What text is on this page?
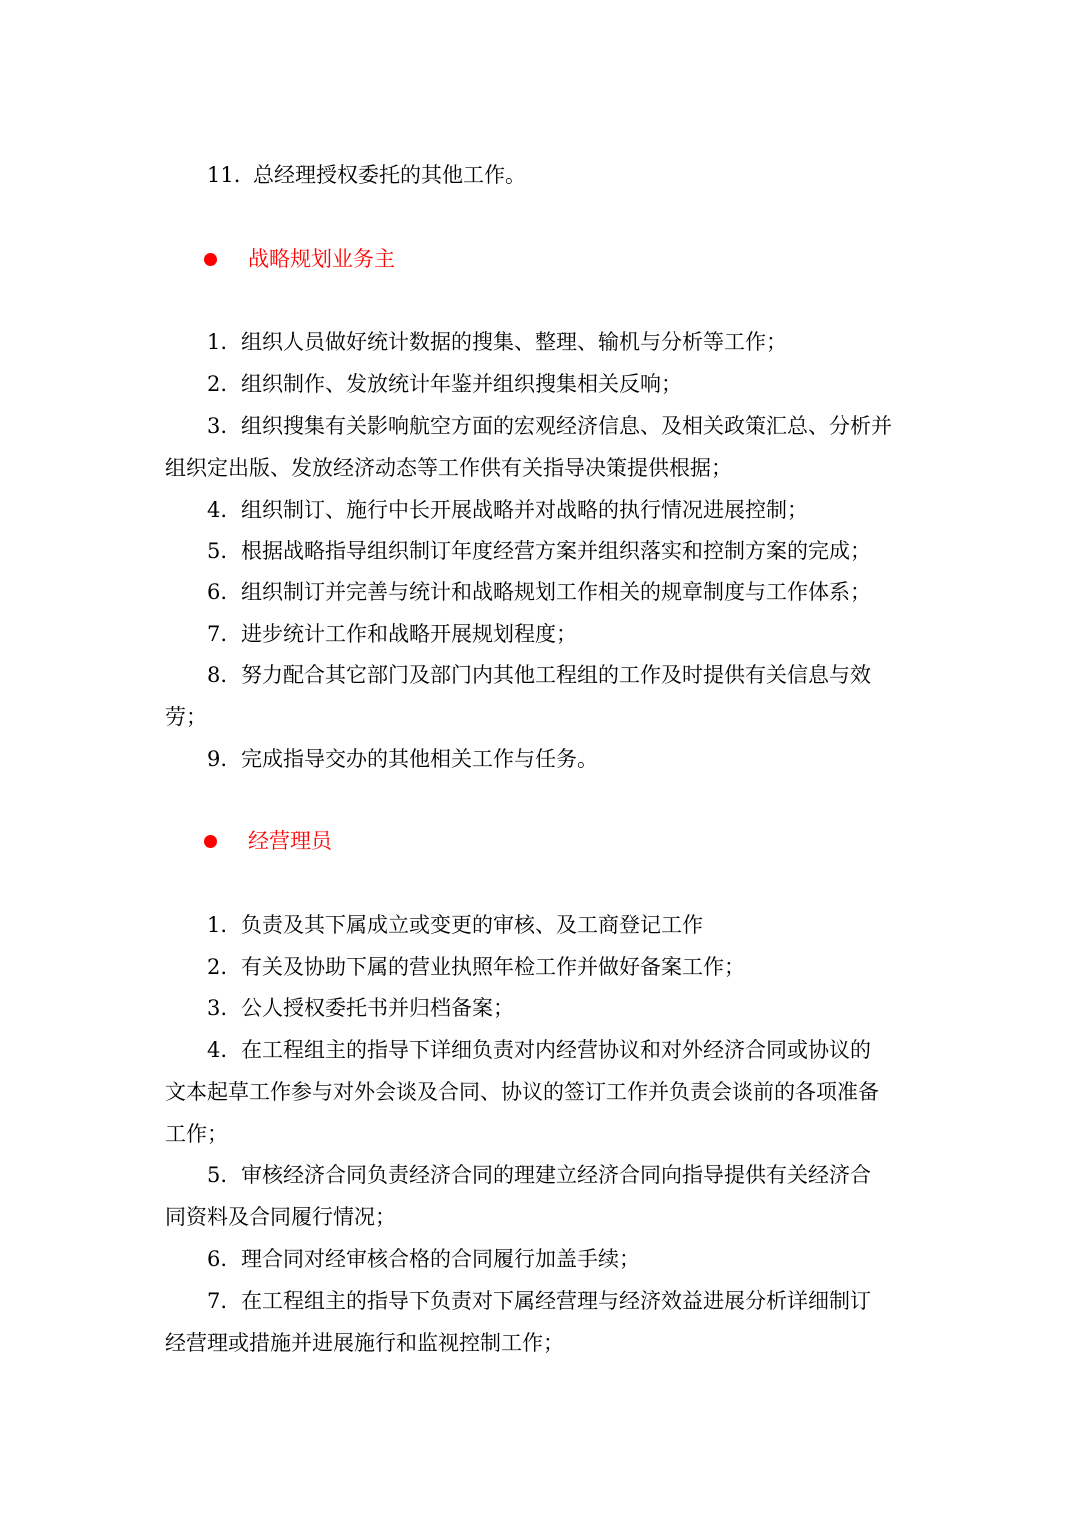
11. 总经理授权委托的其他工作。
战略规划业务主
1. 组织人员做好统计数据的搜集、整理、输机与分析等工作；
2. 组织制作、发放统计年鉴并组织搜集相关反响；
3. 组织搜集有关影响航空方面的宏观经济信息、及相关政策汇总、分析并
组织定出版、发放经济动态等工作供有关指导决策提供根据；
4. 组织制订、施行中长开展战略并对战略的执行情况进展控制；
5. 根据战略指导组织制订年度经营方案并组织落实和控制方案的完成；
6. 组织制订并完善与统计和战略规划工作相关的规章制度与工作体系；
7. 进步统计工作和战略开展规划程度；
8. 努力配合其它部门及部门内其他工程组的工作及时提供有关信息与效
劳；
9. 完成指导交办的其他相关工作与任务。
经营理员
1. 负责及其下属成立或变更的审核、及工商登记工作
2. 有关及协助下属的营业执照年检工作并做好备案工作；
3. 公人授权委托书并归档备案；
4. 在工程组主的指导下详细负责对内经营协议和对外经济合同或协议的
文本起草工作参与对外会谈及合同、协议的签订工作并负责会谈前的各项准备
工作；
5. 审核经济合同负责经济合同的理建立经济合同向指导提供有关经济合
同资料及合同履行情况；
6. 理合同对经审核合格的合同履行加盖手续；
7. 在工程组主的指导下负责对下属经营理与经济效益进展分析详细制订
经营理或措施并进展施行和监视控制工作；
